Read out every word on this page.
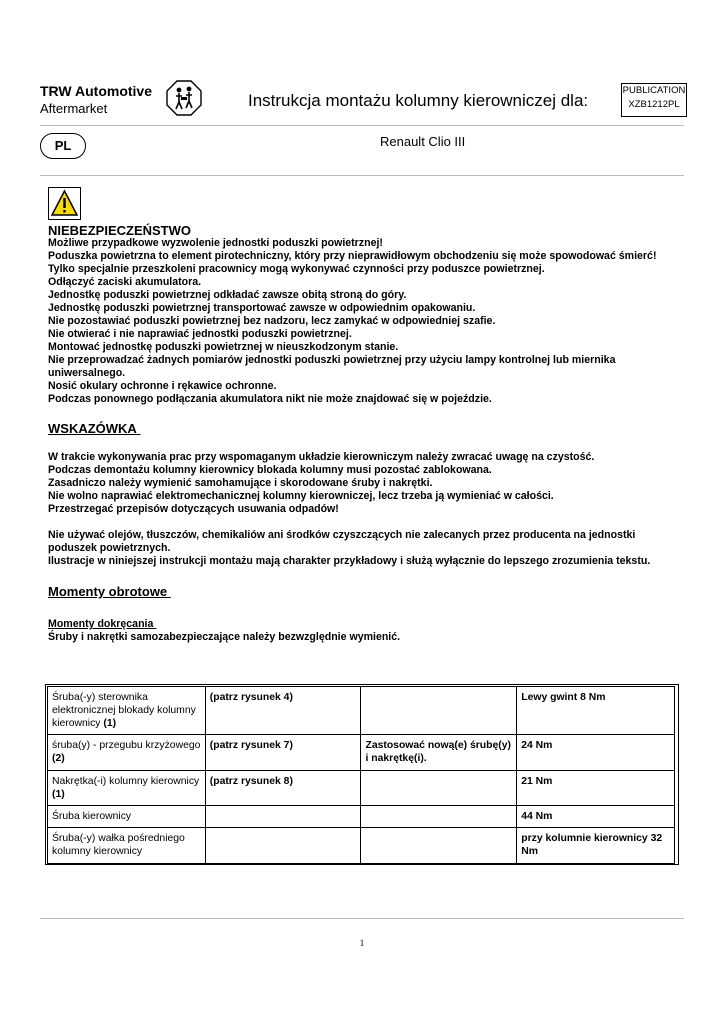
TRW Automotive
Aftermarket	Instrukcja montażu kolumny kierowniczej dla:
PUBLICATION
XZB1212PL
PL	Renault Clio III

NIEBEZPIECZEŃSTWO

Możliwe przypadkowe wyzwolenie jednostki poduszki powietrznej!

Poduszka powietrzna to element pirotechniczny, który przy nieprawidłowym obchodzeniu się może spowodować śmierć!

Tylko specjalnie przeszkoleni pracownicy mogą wykonywać czynności przy poduszce powietrznej.

Odłączyć zaciski akumulatora.

Jednostkę poduszki powietrznej odkładać zawsze obitą stroną do góry.

Jednostkę poduszki powietrznej transportować zawsze w odpowiednim opakowaniu.

Nie pozostawiać poduszki powietrznej bez nadzoru, lecz zamykać w odpowiedniej szafie.

Nie otwierać i nie naprawiać jednostki poduszki powietrznej.

Montować jednostkę poduszki powietrznej w nieuszkodzonym stanie.

Nie przeprowadzać żadnych pomiarów jednostki poduszki powietrznej przy użyciu lampy kontrolnej lub miernika uniwersalnego.

Nosić okulary ochronne i rękawice ochronne.

Podczas ponownego podłączania akumulatora nikt nie może znajdować się w pojeździe.

WSKAZÓWKA

W trakcie wykonywania prac przy wspomaganym układzie kierowniczym należy zwracać uwagę na czystość.

Podczas demontażu kolumny kierownicy blokada kolumny musi pozostać zablokowana.

Zasadniczo należy wymienić samohamujące i skorodowane śruby i nakrętki.

Nie wolno naprawiać elektromechanicznej kolumny kierowniczej, lecz trzeba ją wymieniać w całości.

Przestrzegać przepisów dotyczących usuwania odpadów!

Nie używać olejów, tłuszczów, chemikaliów ani środków czyszczących nie zalecanych przez producenta na jednostki poduszek powietrznych.

Ilustracje w niniejszej instrukcji montażu mają charakter przykładowy i służą wyłącznie do lepszego zrozumienia tekstu.

Momenty obrotowe

Momenty dokręcania

Śruby i nakrętki samozabezpieczające należy bezwzględnie wymienić.

Śruba(-y) sterownika elektronicznej blokady kolumny kierownicy (1)	(patrz rysunek 4)		Lewy gwint 8 Nm
śruba(y) - przegubu krzyżowego (2)	(patrz rysunek 7)	Zastosować nową(e) śrubę(y) i nakrętkę(i).	24 Nm
Nakrętka(-i) kolumny kierownicy (1)	(patrz rysunek 8)		21 Nm
Śruba kierownicy			44 Nm
Śruba(-y) wałka pośredniego kolumny kierownicy			przy kolumnie kierownicy 32 Nm
1
